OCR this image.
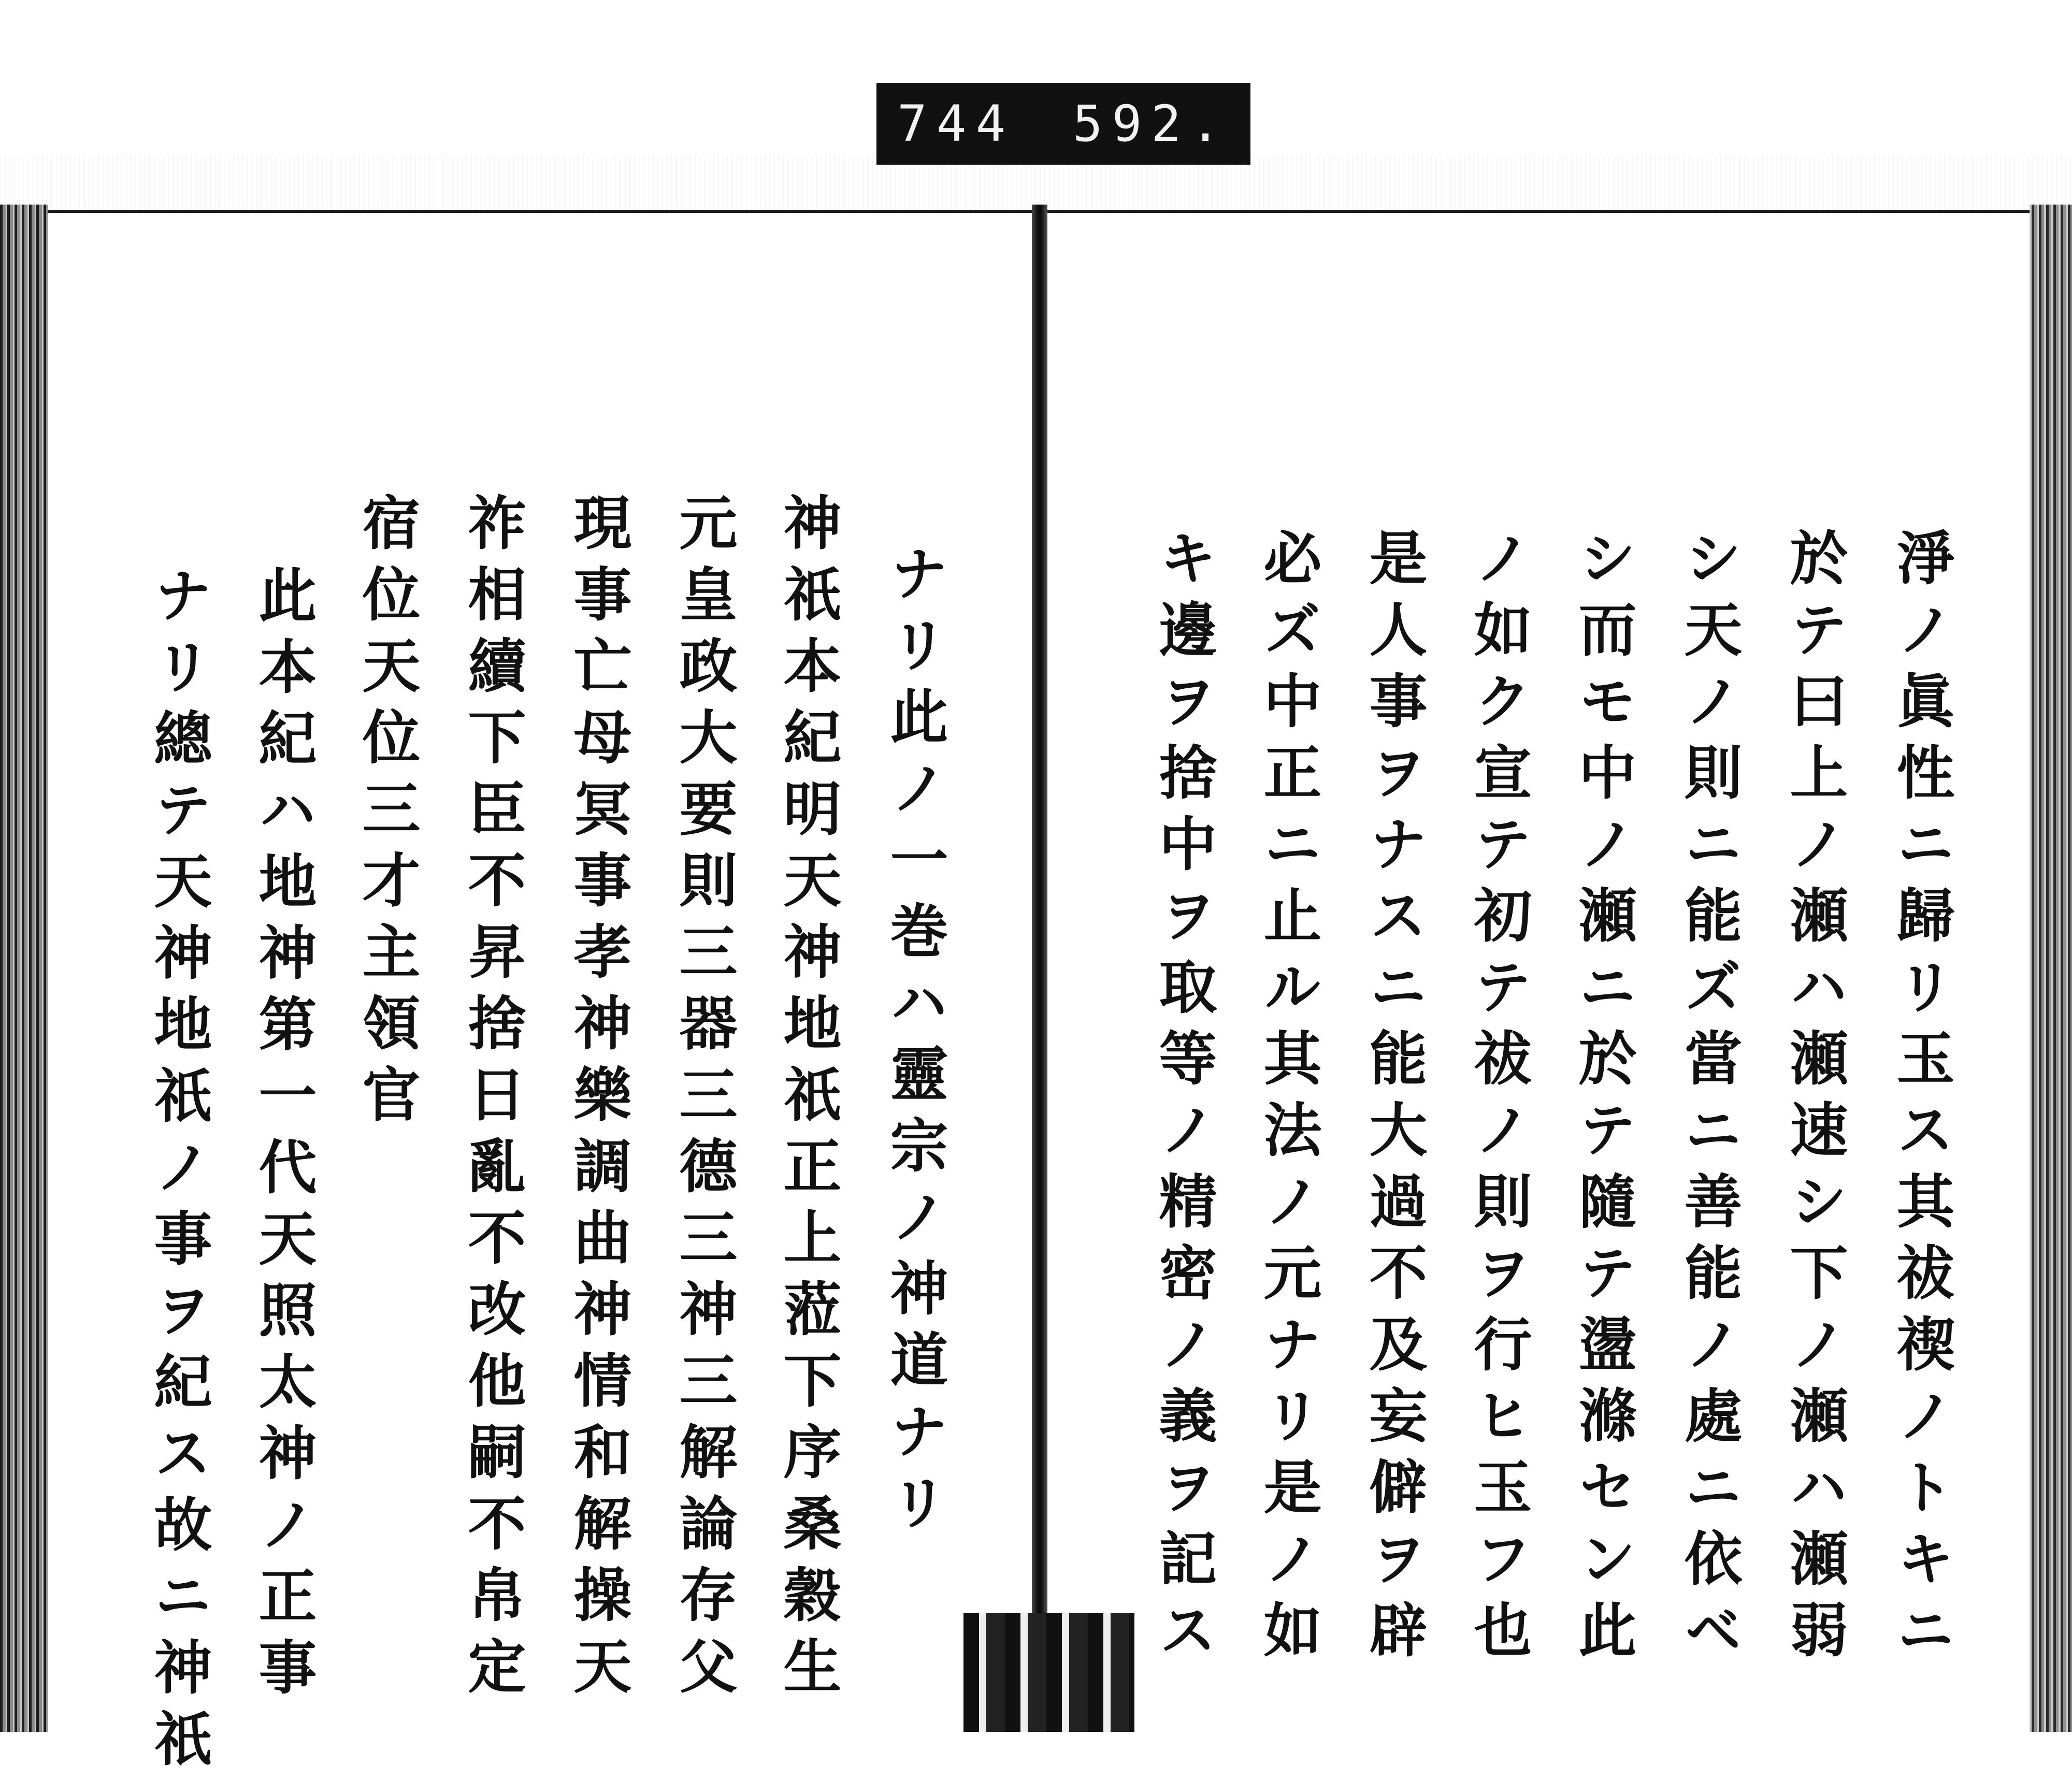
744 592.
ナリ此ノ一巻ハ靈宗ノ神道ナリ
神祇本紀明天神地祇正上蒞下序桑穀生
元皇政大要則三器三德三神三解論存父
現事亡母冥事孝神樂調曲神情和解操天
祚相續下臣不昇捨日亂不改他嗣不帛定
宿位天位三才主領官
此本紀ハ地神第一代天照太神ノ正事
ナリ總テ天神地祇ノ事ヲ紀ス故ニ神祇	淨ノ眞性ニ歸リ玉ス其祓禊ノトキニ
於テ曰上ノ瀬ハ瀬速シ下ノ瀬ハ瀬弱
シ天ノ則ニ能ズ當ニ善能ノ處ニ依ベ
シ而モ中ノ瀬ニ於テ隨テ盪滌セン此
ノ如ク宣テ初テ祓ノ則ヲ行ヒ玉フ也
是人事ヲナスニ能大過不及妄僻ヲ辟
必ズ中正ニ止ル其法ノ元ナリ是ノ如
キ邊ヲ捨中ヲ取等ノ精密ノ義ヲ記ス
